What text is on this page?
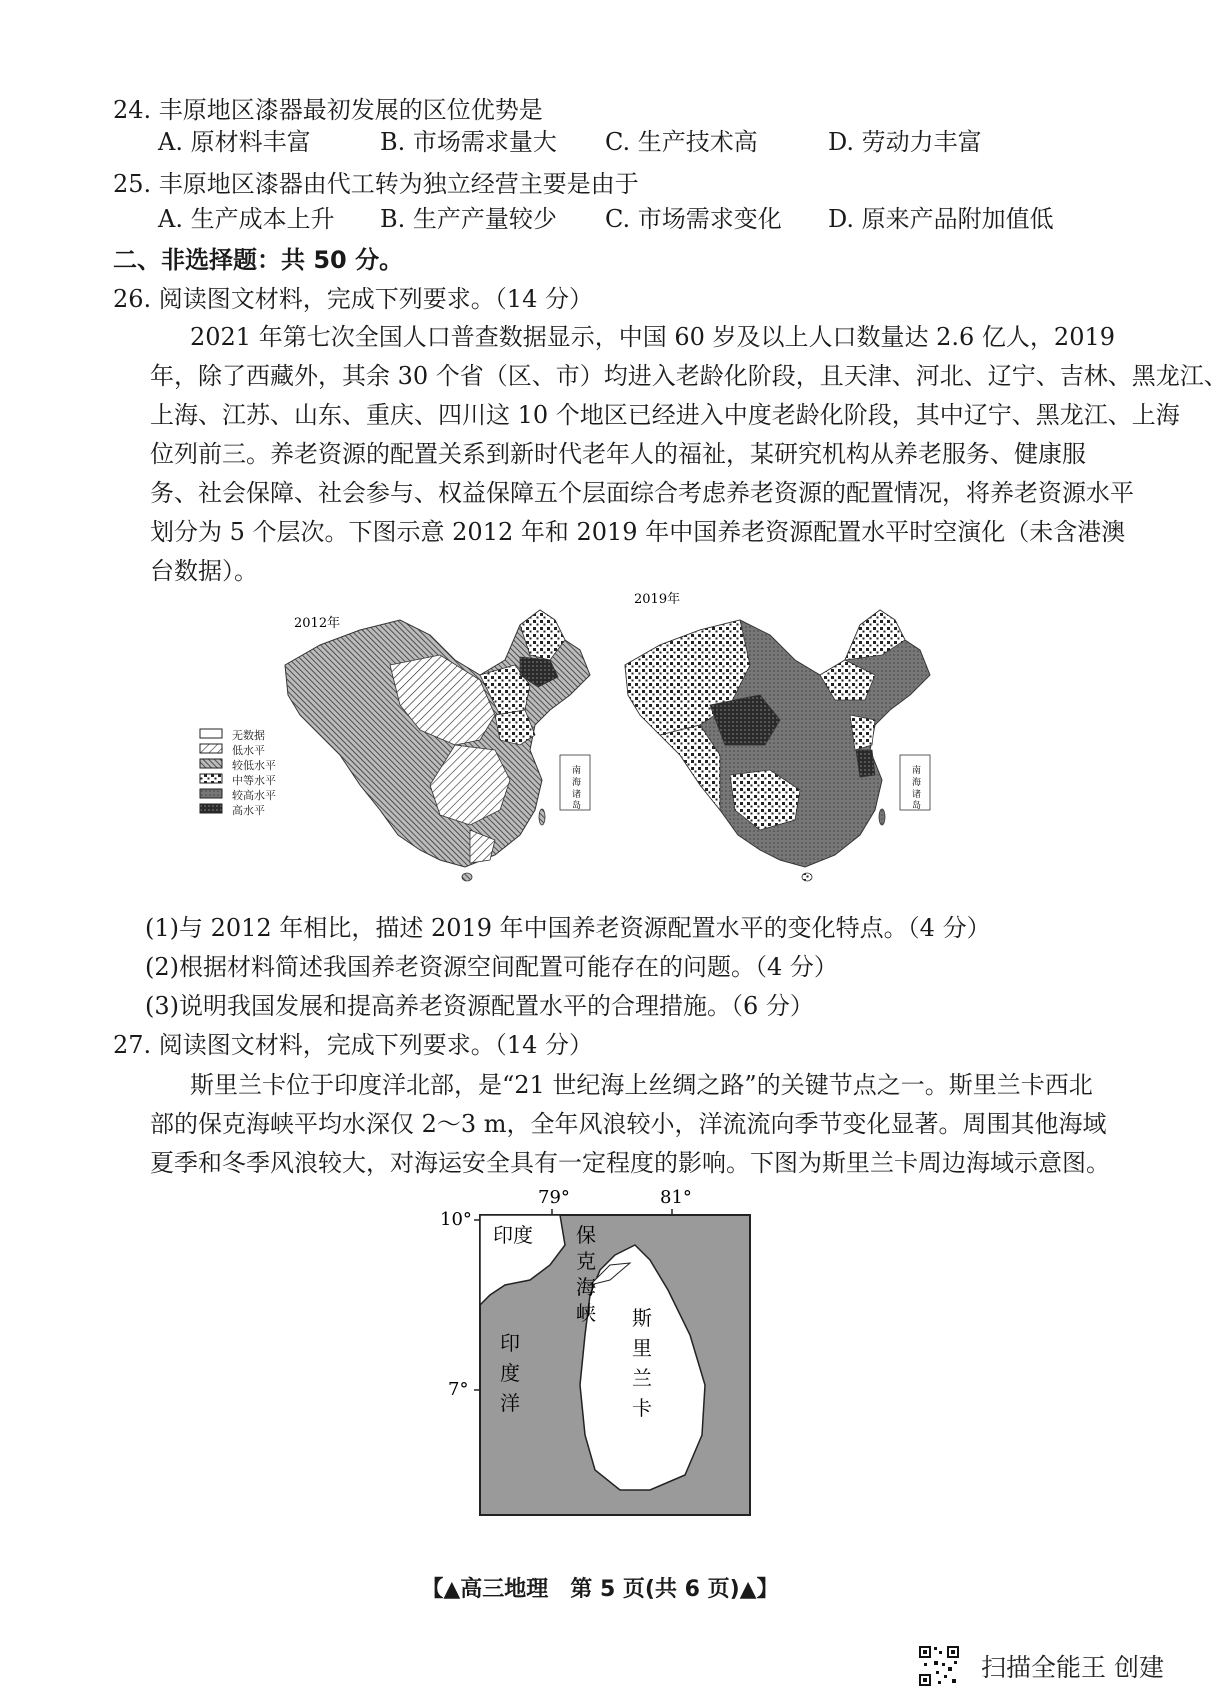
24. 丰原地区漆器最初发展的区位优势是
A. 原材料丰富	B. 市场需求量大 C. 生产技术高	D. 劳动力丰富
25. 丰原地区漆器由代工转为独立经营主要是由于
A. 生产成本上升 B. 生产产量较少 C. 市场需求变化 D. 原来产品附加值低
二、非选择题：共 50 分。
26. 阅读图文材料，完成下列要求。（14 分）
2021 年第七次全国人口普查数据显示，中国 60 岁及以上人口数量达 2.6 亿人，2019
年，除了西藏外，其余 30 个省（区、市）均进入老龄化阶段，且天津、河北、辽宁、吉林、黑龙江、
上海、江苏、山东、重庆、四川这 10 个地区已经进入中度老龄化阶段，其中辽宁、黑龙江、上海
位列前三。养老资源的配置关系到新时代老年人的福祉，某研究机构从养老服务、健康服
务、社会保障、社会参与、权益保障五个层面综合考虑养老资源的配置情况，将养老资源水平
划分为 5 个层次。下图示意 2012 年和 2019 年中国养老资源配置水平时空演化（未含港澳
台数据）。
2012年
南
海
诸
岛
2019年
南
海
诸
岛
无数据
低水平
较低水平
中等水平
较高水平
高水平
(1)与 2012 年相比，描述 2019 年中国养老资源配置水平的变化特点。（4 分）
(2)根据材料简述我国养老资源空间配置可能存在的问题。（4 分）
(3)说明我国发展和提高养老资源配置水平的合理措施。（6 分）
27. 阅读图文材料，完成下列要求。（14 分）
斯里兰卡位于印度洋北部，是“21 世纪海上丝绸之路”的关键节点之一。斯里兰卡西北
部的保克海峡平均水深仅 2～3 m，全年风浪较小，洋流流向季节变化显著。周围其他海域
夏季和冬季风浪较大，对海运安全具有一定程度的影响。下图为斯里兰卡周边海域示意图。
79°	81°
10°
7°
印度 保
克
海
峡 斯
里
兰
卡
印
度
洋
【▲高三地理　第 5 页(共 6 页)▲】
扫描全能王 创建
